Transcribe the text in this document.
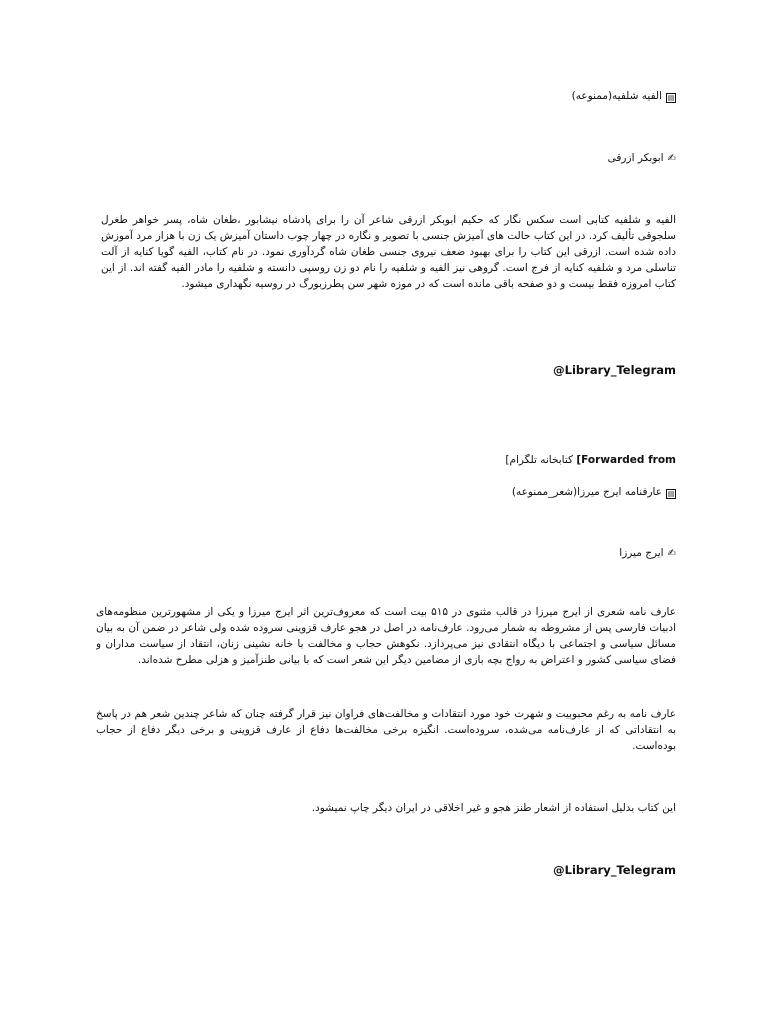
▤الفیه شلفیه(ممنوعه)
✍ابوبکر ازرقی
الفیه و شلفیه کتابی است سکس نگار که حکیم ابوبکر ازرقی شاعر آن را برای پادشاه نیشابور ،طغان شاه، پسر خواهر طغرل سلجوقی تألیف کرد. در این کتاب حالت های آمیزش جنسی با تصویر و نگاره در چهار چوب داستان آمیزش یک زن با هزار مرد آموزش داده شده است. ازرقی این کتاب را برای بهبود ضعف نیروی جنسی طغان شاه گردآوری نمود. در نام کتاب، الفیه گویا کنایه از آلت تناسلی مرد و شلفیه کنایه از فرج است. گروهی نیز الفیه و شلفیه را نام دو زن روسپی دانسته و شلفیه را مادر الفیه گفته اند. از این کتاب امروزه فقط بیست و دو صفحه باقی مانده است که در موزه شهر سن پطرزبورگ در روسیه نگهداری میشود.
@Library_Telegram
[Forwarded from کتابخانه تلگرام]
▤عارفنامه ایرج میرزا(شعر_ممنوعه)
✍ایرج میرزا
عارف نامه شعری از ایرج میرزا در قالب مثنوی در ۵۱۵ بیت است که معروف‌ترین اثر ایرج میرزا و یکی از مشهورترین منظومه‌های ادبیات فارسی پس از مشروطه به شمار می‌رود. عارف‌نامه در اصل در هجو عارف قزوینی سروده شده ولی شاعر در ضمن آن به بیان مسائل سیاسی و اجتماعی با دیگاه انتقادی نیز می‌پردازد. نکوهش حجاب و مخالفت با خانه نشینی زنان، انتقاد از سیاست مداران و فضای سیاسی کشور و اعتراض به رواج بچه بازی از مضامین دیگر این شعر است که با بیانی طنزآمیز و هزلی مطرح شده‌اند.
عارف نامه به رغم محبوبیت و شهرت خود مورد انتقادات و مخالفت‌های فراوان نیز قرار گرفته چنان که شاعر چندین شعر هم در پاسخ به انتقاداتی که از عارف‌نامه می‌شده، سروده‌است. انگیزه برخی مخالفت‌ها دفاع از عارف قزوینی و برخی دیگر دفاع از حجاب بوده‌است.
این کتاب بدلیل استفاده از اشعار طنز هجو و غیر اخلاقی در ایران دیگر چاپ نمیشود.
@Library_Telegram
